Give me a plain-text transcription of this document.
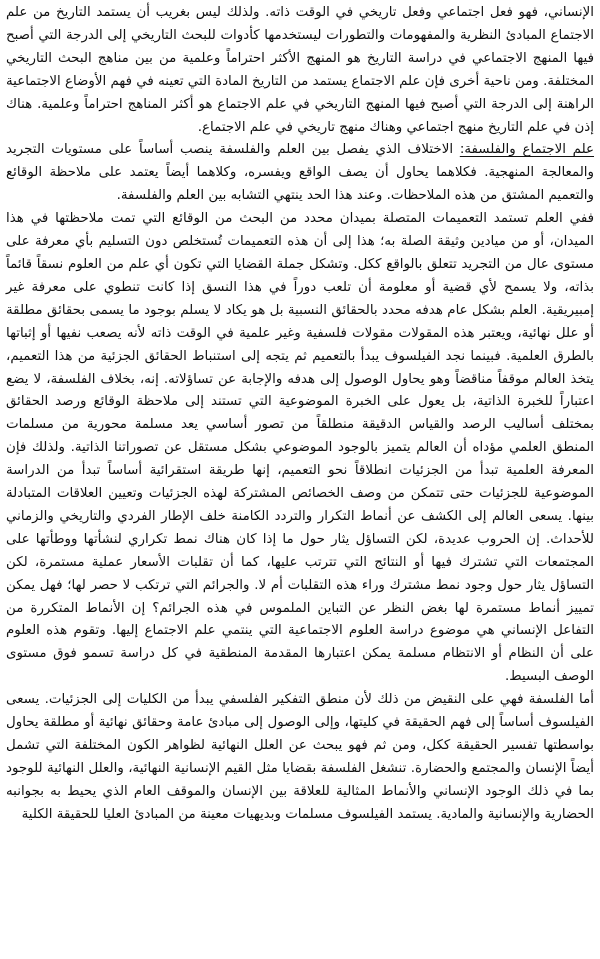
الإنساني، فهو فعل اجتماعي وفعل تاريخي في الوقت ذاته. ولذلك ليس بغريب أن يستمد التاريخ من علم الاجتماع المبادئ النظرية والمفهومات والتطورات ليستخدمها كأدوات للبحث التاريخي إلى الدرجة التي أصبح فيها المنهج الاجتماعي في دراسة التاريخ هو المنهج الأكثر احتراماً وعلمية من بين مناهج البحث التاريخي المختلفة. ومن ناحية أخرى فإن علم الاجتماع يستمد من التاريخ المادة التي تعينه في فهم الأوضاع الاجتماعية الراهنة إلى الدرجة التي أصبح فيها المنهج التاريخي في علم الاجتماع هو أكثر المناهج احتراماً وعلمية. هناك إذن في علم التاريخ منهج اجتماعي وهناك منهج تاريخي في علم الاجتماع.

علم الاجتماع والفلسفة: الاختلاف الذي يفصل بين العلم والفلسفة ينصب أساساً على مستويات التجريد والمعالجة المنهجية. فكلاهما يحاول أن يصف الواقع ويفسره، وكلاهما أيضاً يعتمد على ملاحظة الوقائع والتعميم المشتق من هذه الملاحظات. وعند هذا الحد ينتهي التشابه بين العلم والفلسفة.

ففي العلم تستمد التعميمات المتصلة بميدان محدد من البحث من الوقائع التي تمت ملاحظتها في هذا الميدان، أو من ميادين وثيقة الصلة به؛ هذا إلى أن هذه التعميمات تُستخلص دون التسليم بأي معرفة على مستوى عال من التجريد تتعلق بالواقع ككل. وتشكل جملة القضايا التي تكون أي علم من العلوم نسقاً قائماً بذاته، ولا يسمح لأي قضية أو معلومة أن تلعب دوراً في هذا النسق إذا كانت تنطوي على معرفة غير إمبيريقية. العلم بشكل عام هدفه محدد بالحقائق النسبية بل هو يكاد لا يسلم بوجود ما يسمى بحقائق مطلقة أو علل نهائية، ويعتبر هذه المقولات مقولات فلسفية وغير علمية في الوقت ذاته لأنه يصعب نفيها أو إثباتها بالطرق العلمية. فبينما نجد الفيلسوف يبدأ بالتعميم ثم يتجه إلى استنباط الحقائق الجزئية من هذا التعميم، يتخذ العالم موقفاً مناقضاً وهو يحاول الوصول إلى هدفه والإجابة عن تساؤلاته. إنه، بخلاف الفلسفة، لا يضع اعتباراً للخبرة الذاتية، بل يعول على الخبرة الموضوعية التي تستند إلى ملاحظة الوقائع ورصد الحقائق بمختلف أساليب الرصد والقياس الدقيقة منطلقاً من تصور أساسي يعد مسلمة محورية من مسلمات المنطق العلمي مؤداه أن العالم يتميز بالوجود الموضوعي بشكل مستقل عن تصوراتنا الذاتية. ولذلك فإن المعرفة العلمية تبدأ من الجزئيات انطلاقاً نحو التعميم، إنها طريقة استقرائية أساساً تبدأ من الدراسة الموضوعية للجزئيات حتى تتمكن من وصف الخصائص المشتركة لهذه الجزئيات وتعيين العلاقات المتبادلة بينها. يسعى العالم إلى الكشف عن أنماط التكرار والتردد الكامنة خلف الإطار الفردي والتاريخي والزماني للأحداث. إن الحروب عديدة، لكن التساؤل يثار حول ما إذا كان هناك نمط تكراري لنشأتها ووطأتها على المجتمعات التي تشترك فيها أو النتائج التي تترتب عليها، كما أن تقلبات الأسعار عملية مستمرة، لكن التساؤل يثار حول وجود نمط مشترك وراء هذه التقلبات أم لا. والجرائم التي ترتكب لا حصر لها؛ فهل يمكن تمييز أنماط مستمرة لها بغض النظر عن التباين الملموس في هذه الجرائم؟ إن الأنماط المتكررة من التفاعل الإنساني هي موضوع دراسة العلوم الاجتماعية التي ينتمي علم الاجتماع إليها. وتقوم هذه العلوم على أن النظام أو الانتظام مسلمة يمكن اعتبارها المقدمة المنطقية في كل دراسة تسمو فوق مستوى الوصف البسيط.

أما الفلسفة فهي على النقيض من ذلك لأن منطق التفكير الفلسفي يبدأ من الكليات إلى الجزئيات. يسعى الفيلسوف أساساً إلى فهم الحقيقة في كليتها، وإلى الوصول إلى مبادئ عامة وحقائق نهائية أو مطلقة يحاول بواسطتها تفسير الحقيقة ككل، ومن ثم فهو يبحث عن العلل النهائية لظواهر الكون المختلفة التي تشمل أيضاً الإنسان والمجتمع والحضارة. تنشغل الفلسفة بقضايا مثل القيم الإنسانية النهائية، والعلل النهائية للوجود بما في ذلك الوجود الإنساني والأنماط المثالية للعلاقة بين الإنسان والموقف العام الذي يحيط به بجوانبه الحضارية والإنسانية والمادية. يستمد الفيلسوف مسلمات وبديهيات معينة من المبادئ العليا للحقيقة الكلية
